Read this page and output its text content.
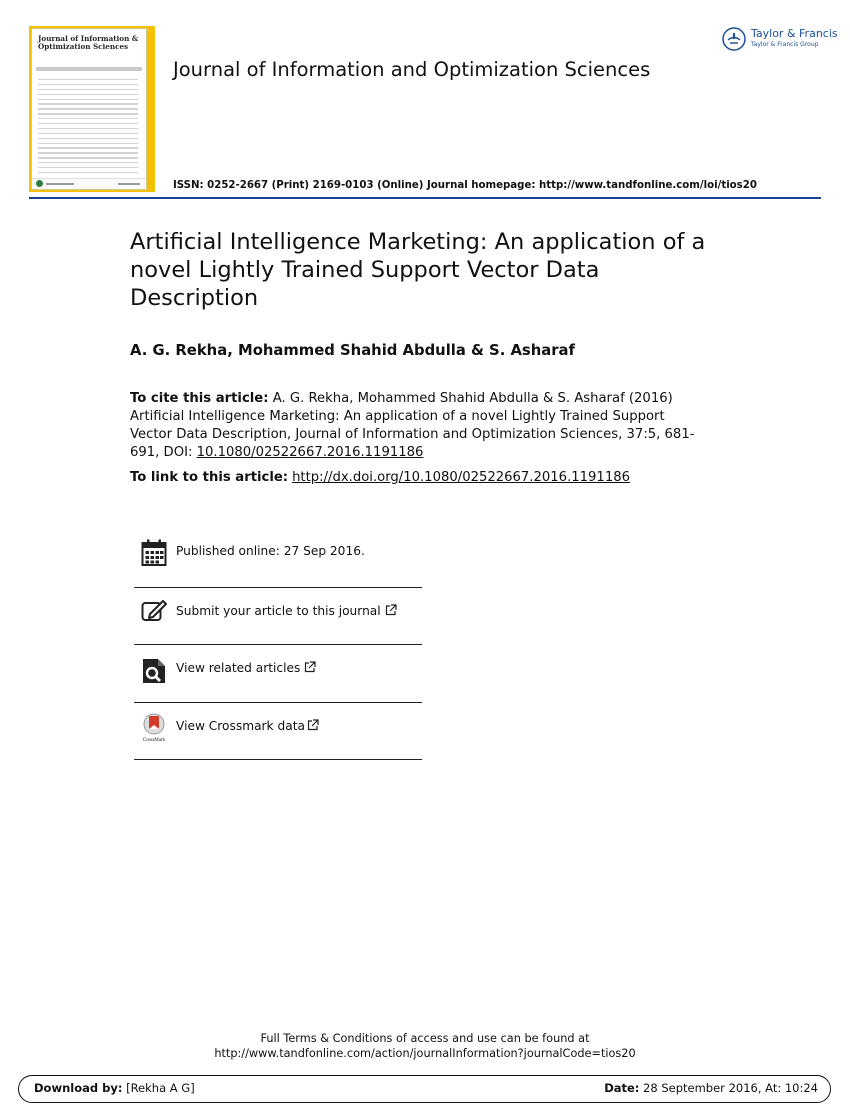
Journal of Information & Optimization Sciences
Journal of Information and Optimization Sciences
ISSN: 0252-2667 (Print) 2169-0103 (Online) Journal homepage: http://www.tandfonline.com/loi/tios20
Taylor & Francis
Taylor & Francis Group
Artificial Intelligence Marketing: An application of a novel Lightly Trained Support Vector Data Description
A. G. Rekha, Mohammed Shahid Abdulla & S. Asharaf
To cite this article: A. G. Rekha, Mohammed Shahid Abdulla & S. Asharaf (2016) Artificial Intelligence Marketing: An application of a novel Lightly Trained Support Vector Data Description, Journal of Information and Optimization Sciences, 37:5, 681-691, DOI: 10.1080/02522667.2016.1191186
To link to this article: http://dx.doi.org/10.1080/02522667.2016.1191186
Published online: 27 Sep 2016.
Submit your article to this journal
View related articles
CrossMark
View Crossmark data
Full Terms & Conditions of access and use can be found at
http://www.tandfonline.com/action/journalInformation?journalCode=tios20
Download by: [Rekha A G]	Date: 28 September 2016, At: 10:24
